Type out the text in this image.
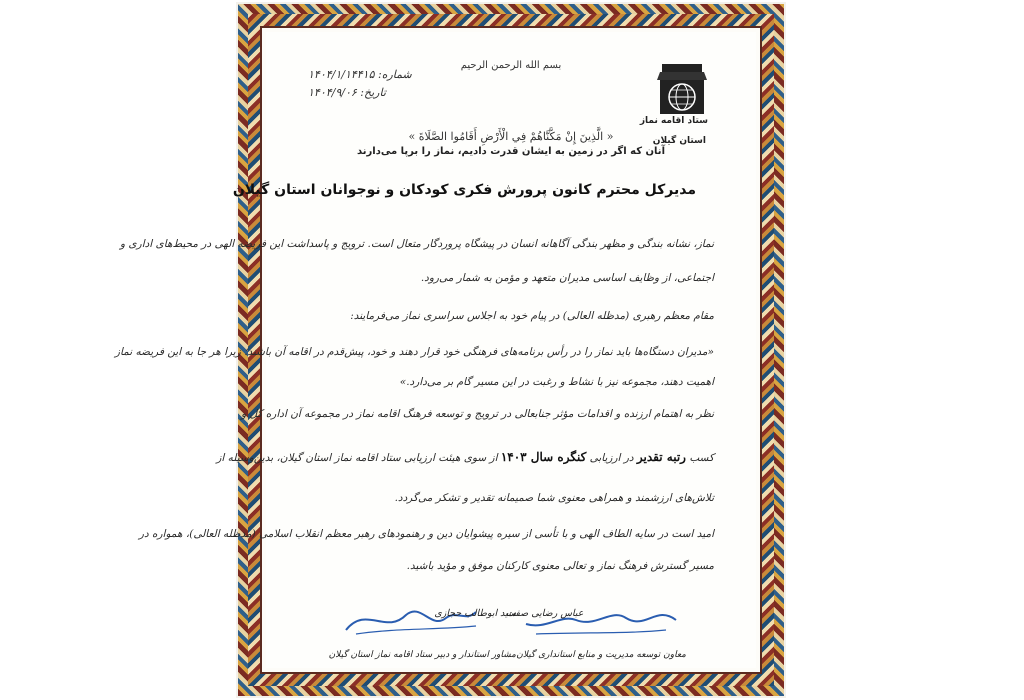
بسم الله الرحمن الرحیم
شماره: ۱۴۰۴/۱/۱۴۴۱۵
تاریخ: ۱۴۰۴/۹/۰۶
ستاد اقامه نماز
استان گیلان
« الَّذِينَ إِنْ مَكَّنَّاهُمْ فِي الْأَرْضِ أَقَامُوا الصَّلَاةَ »
آنان که اگر در زمین به ایشان قدرت دادیم، نماز را برپا می‌دارند
مدیرکل محترم کانون پرورش فکری کودکان و نوجوانان استان گیلان
نماز، نشانه بندگی و مظهر بندگی آگاهانه انسان در پیشگاه پروردگار متعال است. ترویج و پاسداشت این فریضه الهی در محیط‌های اداری و
اجتماعی، از وظایف اساسی مدیران متعهد و مؤمن به شمار می‌رود.
مقام معظم رهبری (مدظله العالی) در پیام خود به اجلاس سراسری نماز می‌فرمایند:
«مدیران دستگاه‌ها باید نماز را در رأس برنامه‌های فرهنگی خود قرار دهند و خود، پیش‌قدم در اقامه آن باشند؛ زیرا هر جا به این فریضه نماز
اهمیت دهند، مجموعه نیز با نشاط و رغبت در این مسیر گام بر می‌دارد.»
نظر به اهتمام ارزنده و اقدامات مؤثر جنابعالی در ترویج و توسعه فرهنگ اقامه نماز در مجموعه آن اداره کل و
کسب رتبه تقدیر در ارزیابی کنگره سال ۱۴۰۳ از سوی هیئت ارزیابی ستاد اقامه نماز استان گیلان، بدین‌وسیله از
تلاش‌های ارزشمند و همراهی معنوی شما صمیمانه تقدیر و تشکر می‌گردد.
امید است در سایه الطاف الهی و با تأسی از سیره پیشوایان دین و رهنمودهای رهبر معظم انقلاب اسلامی (مدظله العالی)، همواره در
مسیر گسترش فرهنگ نماز و تعالی معنوی کارکنان موفق و مؤید باشید.
سید ابوطالب حجازی
مشاور استاندار و دبیر ستاد اقامه نماز استان گیلان
عباس رضایی صفت
معاون توسعه مدیریت و منابع استانداری گیلان
